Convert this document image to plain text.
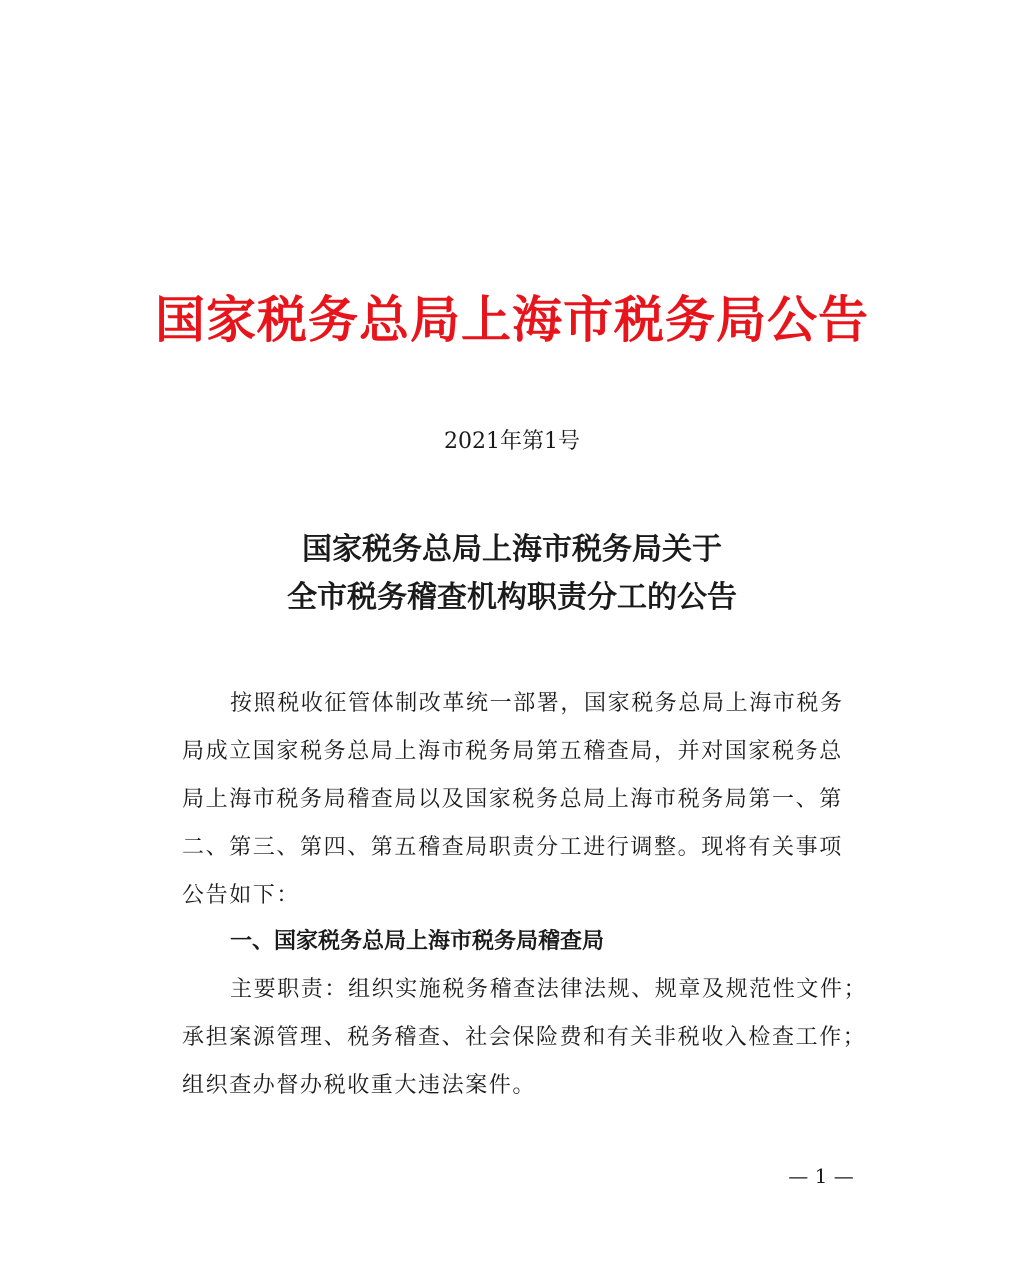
国家税务总局上海市税务局公告
2021年第1号
国家税务总局上海市税务局关于
全市税务稽查机构职责分工的公告
按照税收征管体制改革统一部署，国家税务总局上海市税务
局成立国家税务总局上海市税务局第五稽查局，并对国家税务总
局上海市税务局稽查局以及国家税务总局上海市税务局第一、第
二、第三、第四、第五稽查局职责分工进行调整。现将有关事项
公告如下：
一、国家税务总局上海市税务局稽查局
主要职责：组织实施税务稽查法律法规、规章及规范性文件；
承担案源管理、税务稽查、社会保险费和有关非税收入检查工作；
组织查办督办税收重大违法案件。
— 1 —
